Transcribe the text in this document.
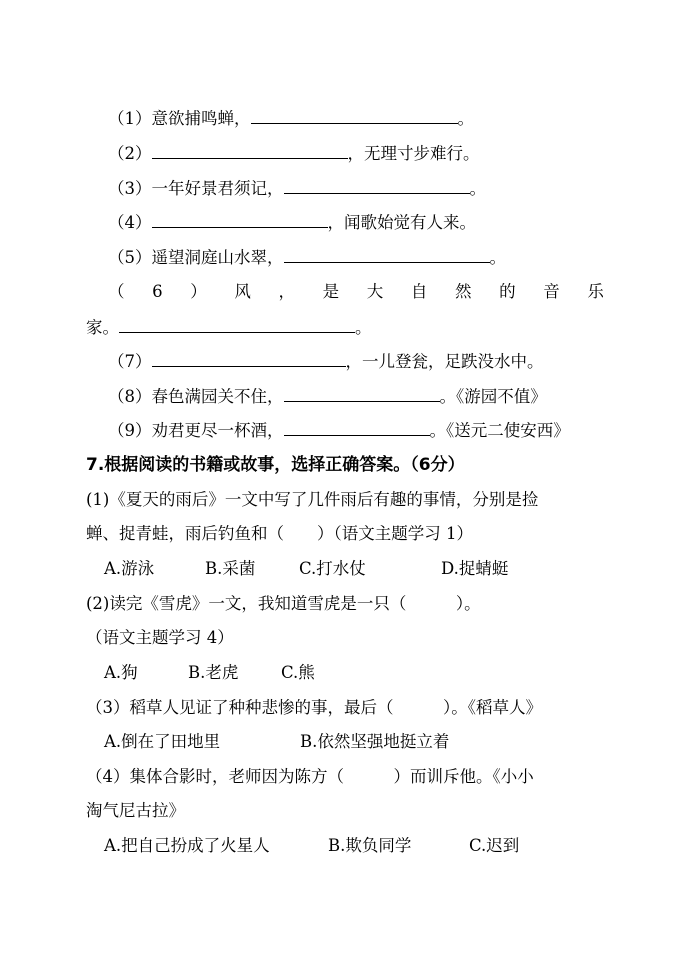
（1）意欲捕鸣蝉，	。
（2）	，无理寸步难行。
（3）一年好景君须记，	。
（4）	，闻歌始觉有人来。
（5）遥望洞庭山水翠，	。
（ 6 ） 风 ， 是 大 自 然 的 音 乐
家。	。
（7）	，一儿登瓮，足跌没水中。
（8）春色满园关不住，	。《游园不值》
（9）劝君更尽一杯酒，	。《送元二使安西》
7.根据阅读的书籍或故事，选择正确答案。（6分）
(1)《夏天的雨后》一文中写了几件雨后有趣的事情，分别是捡
蝉、捉青蛙，雨后钓鱼和（　　）（语文主题学习 1）
A.游泳	B.采菌	C.打水仗	D.捉蜻蜓
(2)读完《雪虎》一文，我知道雪虎是一只（　　　）。
（语文主题学习 4）
A.狗	B.老虎	C.熊
（3）稻草人见证了种种悲惨的事，最后（　　　）。《稻草人》
A.倒在了田地里	B.依然坚强地挺立着
（4）集体合影时，老师因为陈方（　　　）而训斥他。《小小
淘气尼古拉》
A.把自己扮成了火星人	B.欺负同学	C.迟到
